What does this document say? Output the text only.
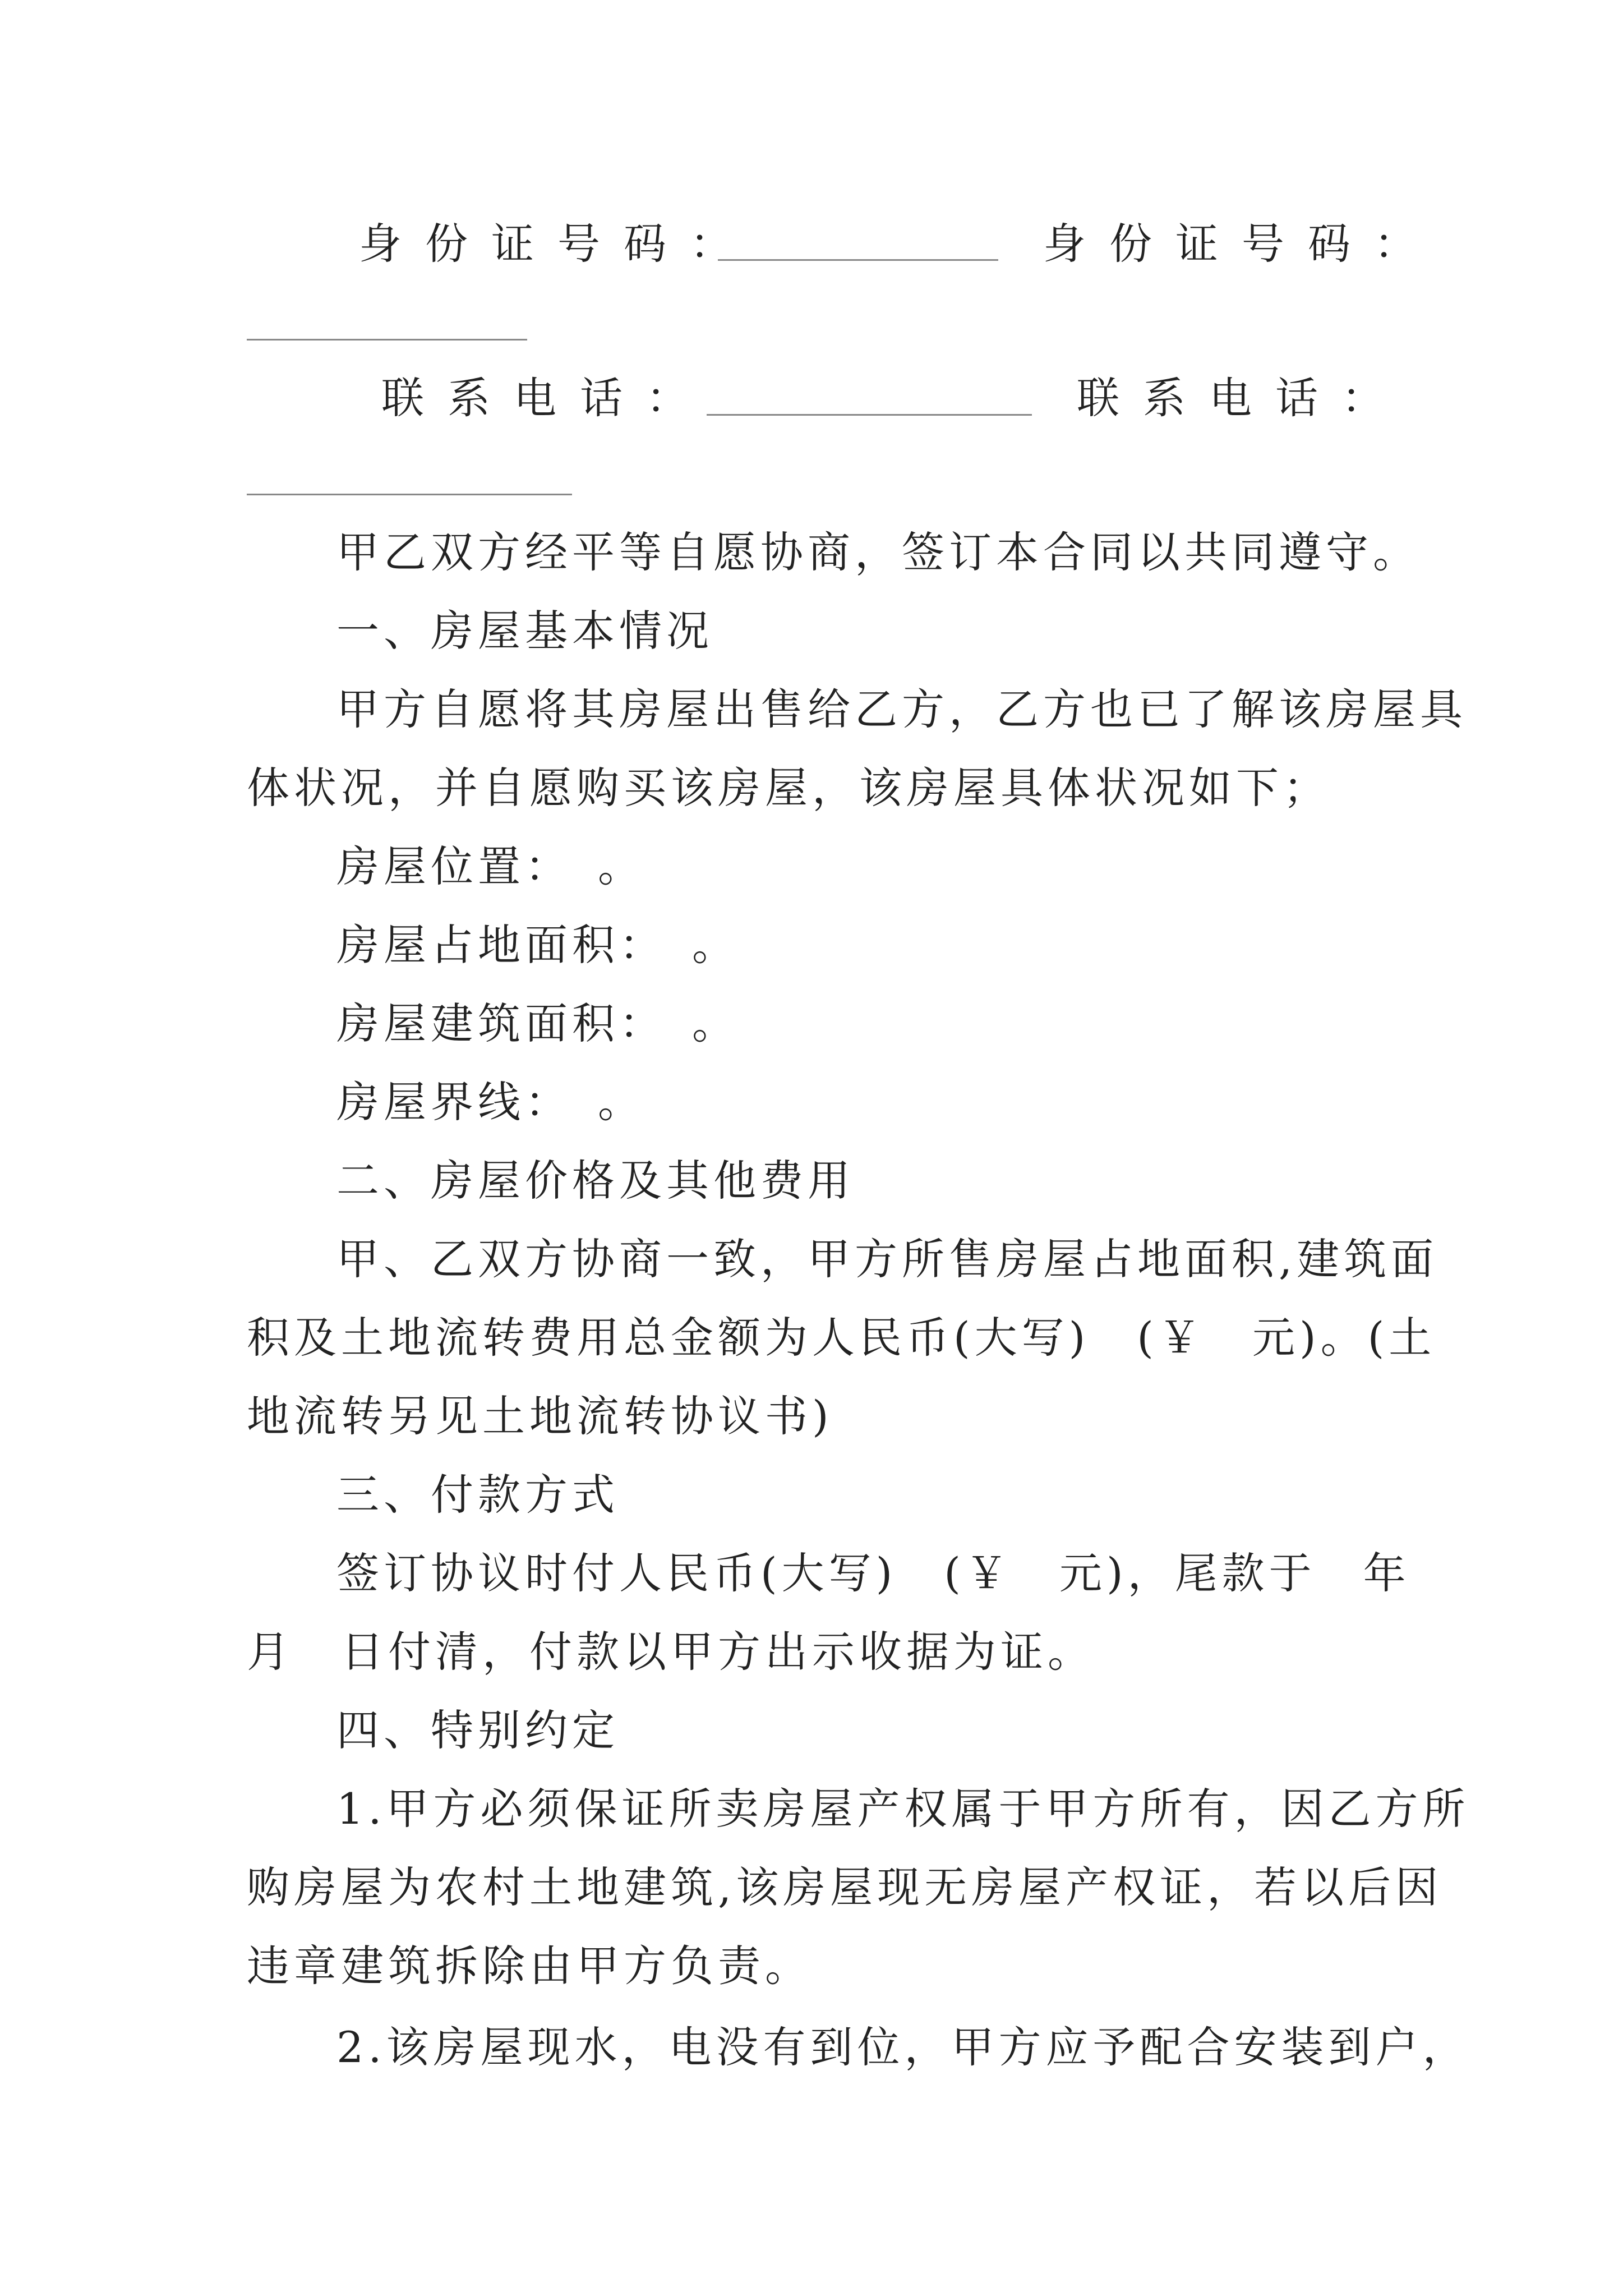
身份证号码：	身份证号码：
联系电话：	联系电话：
甲乙双方经平等自愿协商，签订本合同以共同遵守。
一、房屋基本情况
甲方自愿将其房屋出售给乙方，乙方也已了解该房屋具
体状况，并自愿购买该房屋，该房屋具体状况如下；
房屋位置：　。
房屋占地面积：　。
房屋建筑面积：　。
房屋界线：　。
二、房屋价格及其他费用
甲、乙双方协商一致，甲方所售房屋占地面积,建筑面
积及土地流转费用总金额为人民币(大写)　(￥　元)。(土
地流转另见土地流转协议书)
三、付款方式
签订协议时付人民币(大写)　(￥　元)，尾款于　年
月　日付清，付款以甲方出示收据为证。
四、特别约定
1.甲方必须保证所卖房屋产权属于甲方所有，因乙方所
购房屋为农村土地建筑,该房屋现无房屋产权证，若以后因
违章建筑拆除由甲方负责。
2.该房屋现水，电没有到位，甲方应予配合安装到户，
